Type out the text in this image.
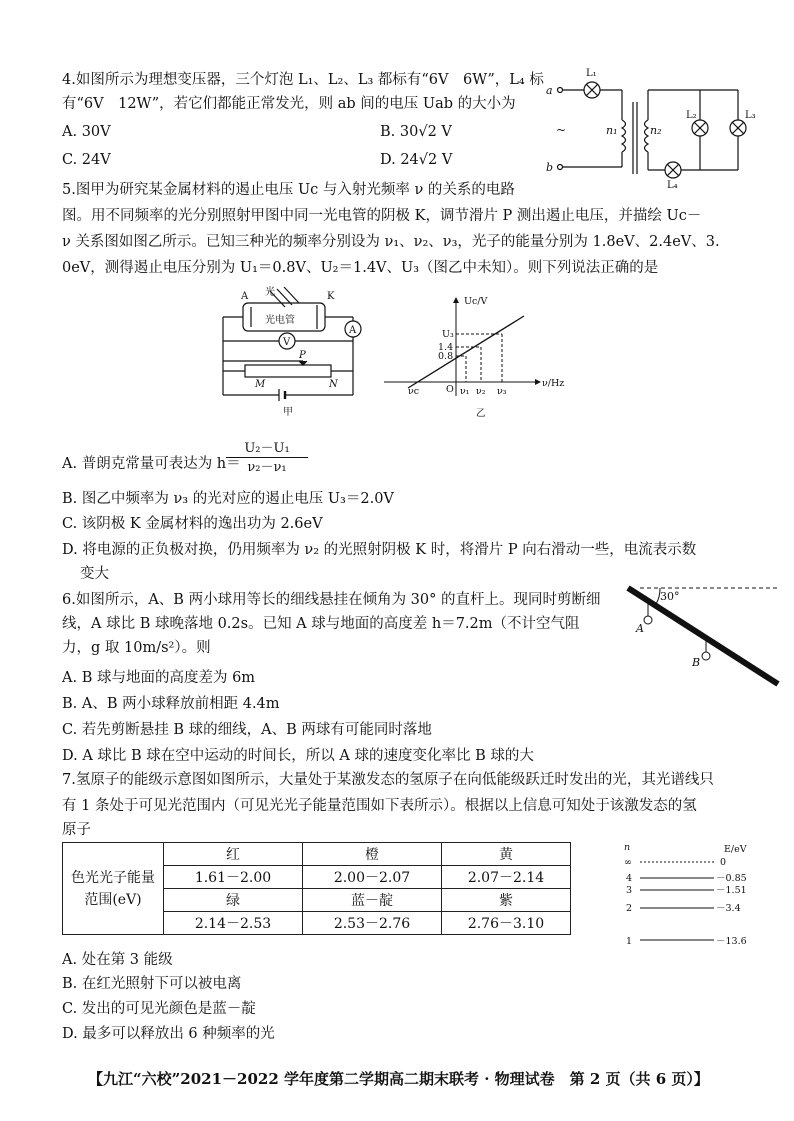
4.如图所示为理想变压器，三个灯泡 L₁、L₂、L₃ 都标有“6V　6W”，L₄ 标
有“6V　12W”，若它们都能正常发光，则 ab 间的电压 Uab 的大小为
A. 30V	B. 30√2 V
C. 24V	D. 24√2 V
a
b
n₁	n₂
L₁
L₂	L₃
L₄
~
5.图甲为研究某金属材料的遏止电压 Uc 与入射光频率 ν 的关系的电路
图。用不同频率的光分别照射甲图中同一光电管的阴极 K，调节滑片 P 测出遏止电压，并描绘 Uc－
ν 关系图如图乙所示。已知三种光的频率分别设为 ν₁、ν₂、ν₃，光子的能量分别为 1.8eV、2.4eV、3.
0eV，测得遏止电压分别为 U₁＝0.8V、U₂＝1.4V、U₃（图乙中未知）。则下列说法正确的是
A	K
光
光电管
A
V
P
M	N
甲
Uc/V
ν/Hz
U₃
1.4
0.8
νc	ν₁ ν₂ ν₃
O
乙
A. 普朗克常量可表达为 h＝
U₂－U₁
ν₂－ν₁
B. 图乙中频率为 ν₃ 的光对应的遏止电压 U₃＝2.0V
C. 该阴极 K 金属材料的逸出功为 2.6eV
D. 将电源的正负极对换，仍用频率为 ν₂ 的光照射阴极 K 时，将滑片 P 向右滑动一些，电流表示数
变大
6.如图所示，A、B 两小球用等长的细线悬挂在倾角为 30° 的直杆上。现同时剪断细
线，A 球比 B 球晚落地 0.2s。已知 A 球与地面的高度差 h＝7.2m（不计空气阻
力，g 取 10m/s²）。则
A. B 球与地面的高度差为 6m
B. A、B 两小球释放前相距 4.4m
C. 若先剪断悬挂 B 球的细线，A、B 两球有可能同时落地
D. A 球比 B 球在空中运动的时间长，所以 A 球的速度变化率比 B 球的大
30°
A
B
7.氢原子的能级示意图如图所示，大量处于某激发态的氢原子在向低能级跃迁时发出的光，其光谱线只
有 1 条处于可见光范围内（可见光光子能量范围如下表所示）。根据以上信息可知处于该激发态的氢
原子
色光光子能量范围(eV)	红	橙	黄
	1.61－2.00	2.00－2.07	2.07－2.14
	绿	蓝－靛	紫
	2.14－2.53	2.53－2.76	2.76－3.10
n	E/eV
∞	0
4	－0.85
3	－1.51
2	－3.4
1	－13.6
A. 处在第 3 能级
B. 在红光照射下可以被电离
C. 发出的可见光颜色是蓝－靛
D. 最多可以释放出 6 种频率的光
【九江“六校”2021－2022 学年度第二学期高二期末联考 · 物理试卷　第 2 页（共 6 页）】
